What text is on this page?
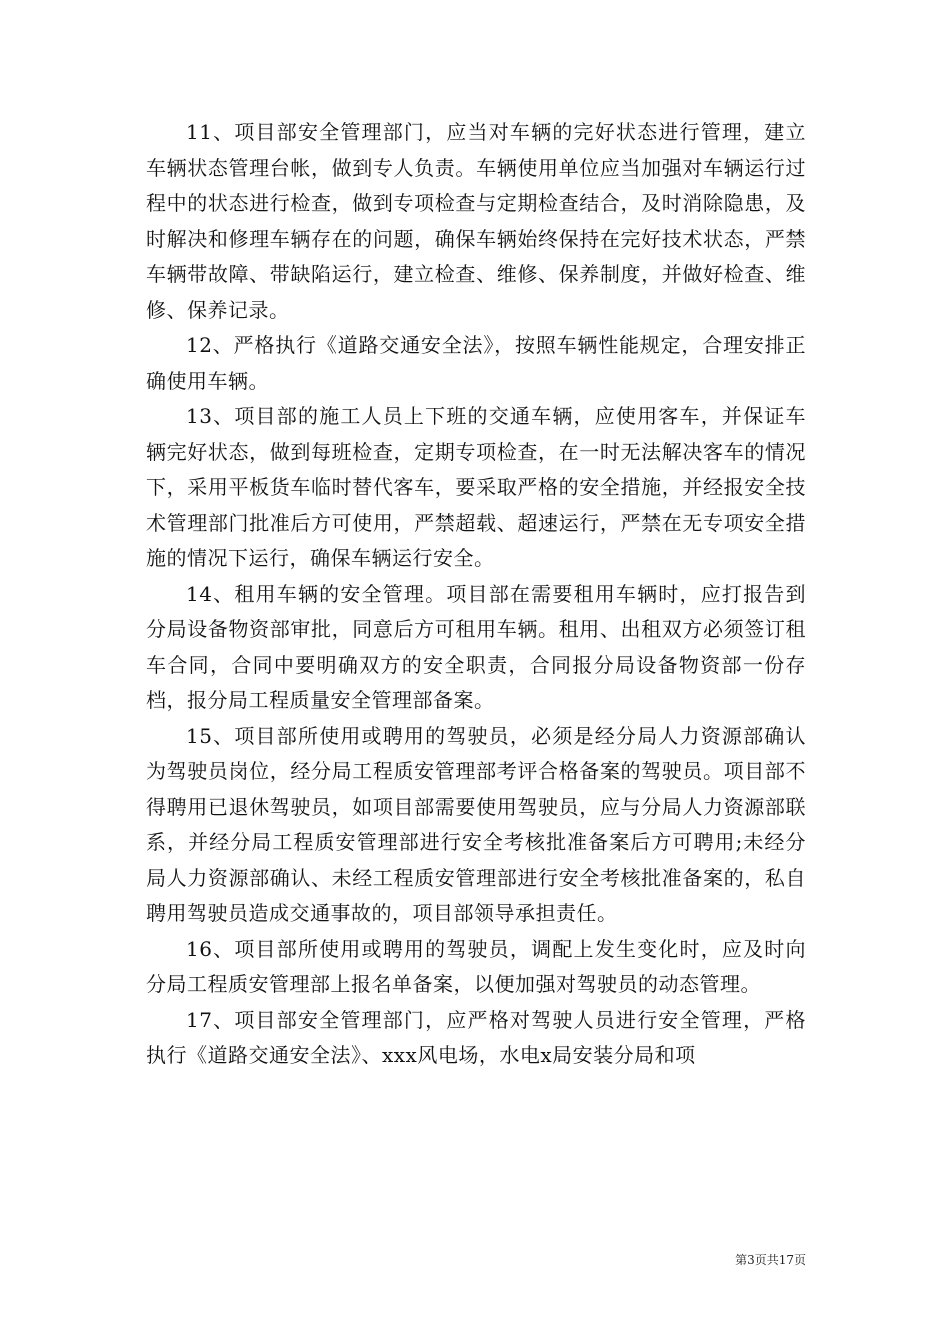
11、项目部安全管理部门，应当对车辆的完好状态进行管理，建立车辆状态管理台帐，做到专人负责。车辆使用单位应当加强对车辆运行过程中的状态进行检查，做到专项检查与定期检查结合，及时消除隐患，及时解决和修理车辆存在的问题，确保车辆始终保持在完好技术状态，严禁车辆带故障、带缺陷运行，建立检查、维修、保养制度，并做好检查、维修、保养记录。

12、严格执行《道路交通安全法》，按照车辆性能规定，合理安排正确使用车辆。

13、项目部的施工人员上下班的交通车辆，应使用客车，并保证车辆完好状态，做到每班检查，定期专项检查，在一时无法解决客车的情况下，采用平板货车临时替代客车，要采取严格的安全措施，并经报安全技术管理部门批准后方可使用，严禁超载、超速运行，严禁在无专项安全措施的情况下运行，确保车辆运行安全。

14、租用车辆的安全管理。项目部在需要租用车辆时，应打报告到分局设备物资部审批，同意后方可租用车辆。租用、出租双方必须签订租车合同，合同中要明确双方的安全职责，合同报分局设备物资部一份存档，报分局工程质量安全管理部备案。

15、项目部所使用或聘用的驾驶员，必须是经分局人力资源部确认为驾驶员岗位，经分局工程质安管理部考评合格备案的驾驶员。项目部不得聘用已退休驾驶员，如项目部需要使用驾驶员，应与分局人力资源部联系，并经分局工程质安管理部进行安全考核批准备案后方可聘用;未经分局人力资源部确认、未经工程质安管理部进行安全考核批准备案的，私自聘用驾驶员造成交通事故的，项目部领导承担责任。

16、项目部所使用或聘用的驾驶员，调配上发生变化时，应及时向分局工程质安管理部上报名单备案，以便加强对驾驶员的动态管理。

17、项目部安全管理部门，应严格对驾驶人员进行安全管理，严格执行《道路交通安全法》、xxx风电场，水电x局安装分局和项

第3页共17页
